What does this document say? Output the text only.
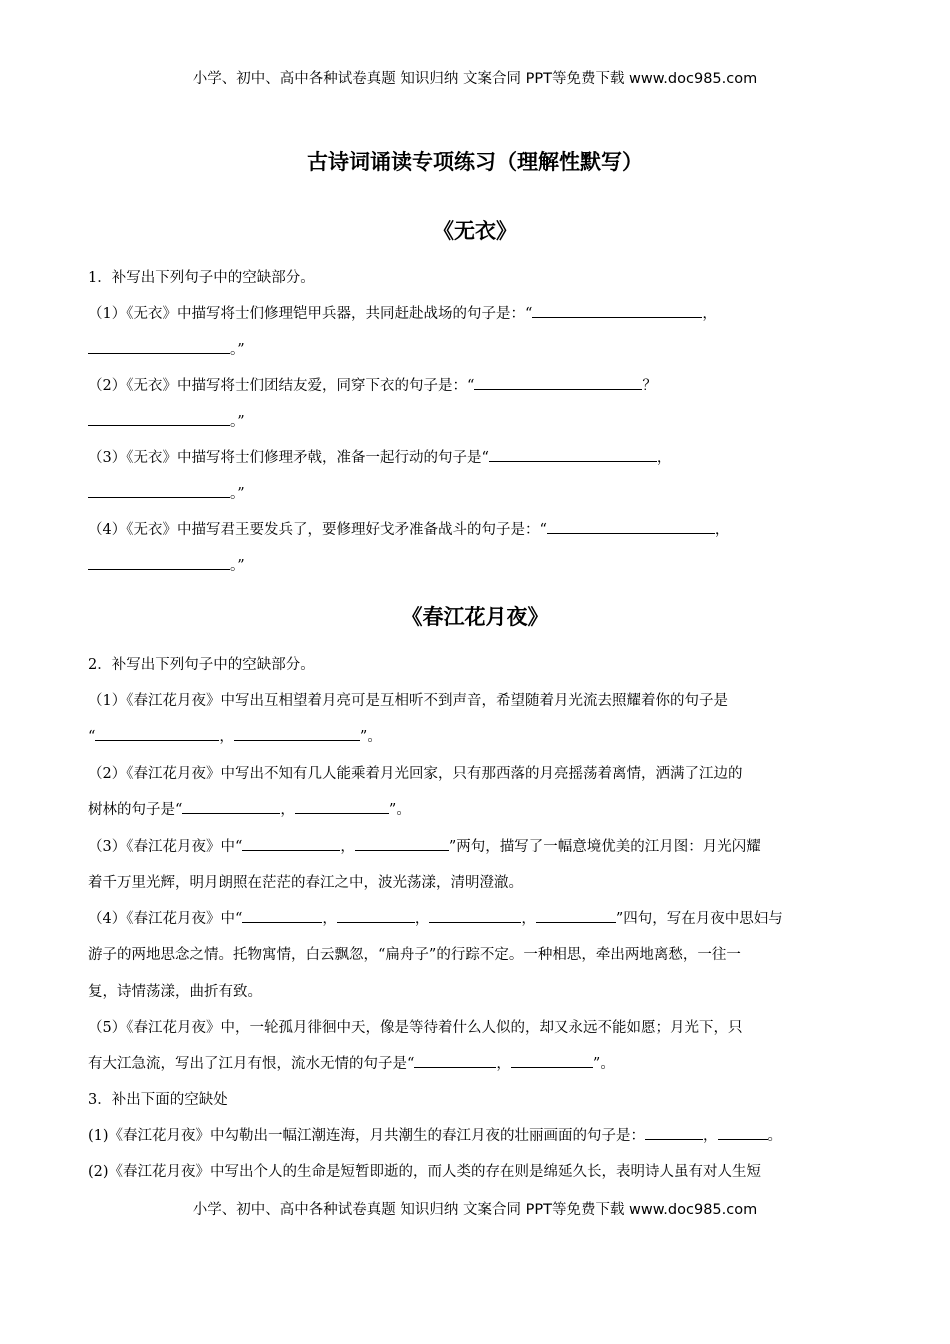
小学、初中、高中各种试卷真题 知识归纳 文案合同 PPT等免费下载 www.doc985.com
古诗词诵读专项练习（理解性默写）
《无衣》
1．补写出下列句子中的空缺部分。
（1）《无衣》中描写将士们修理铠甲兵器，共同赶赴战场的句子是：“	，
。”
（2）《无衣》中描写将士们团结友爱，同穿下衣的句子是：“	？
。”
（3）《无衣》中描写将士们修理矛戟，准备一起行动的句子是“	，
。”
（4）《无衣》中描写君王要发兵了，要修理好戈矛准备战斗的句子是：“	，
。”
《春江花月夜》
2．补写出下列句子中的空缺部分。
（1）《春江花月夜》中写出互相望着月亮可是互相听不到声音，希望随着月光流去照耀着你的句子是
“	，	”。
（2）《春江花月夜》中写出不知有几人能乘着月光回家，只有那西落的月亮摇荡着离情，洒满了江边的
树林的句子是“	，	”。
（3）《春江花月夜》中“	，	”两句，描写了一幅意境优美的江月图：月光闪耀
着千万里光辉，明月朗照在茫茫的春江之中，波光荡漾，清明澄澈。
（4）《春江花月夜》中“	，	，	，	”四句，写在月夜中思妇与
游子的两地思念之情。托物寓情，白云飘忽，“扁舟子”的行踪不定。一种相思，牵出两地离愁，一往一
复，诗情荡漾，曲折有致。
（5）《春江花月夜》中，一轮孤月徘徊中天，像是等待着什么人似的，却又永远不能如愿；月光下，只
有大江急流，写出了江月有恨，流水无情的句子是“	，	”。
3．补出下面的空缺处
(1)《春江花月夜》中勾勒出一幅江潮连海，月共潮生的春江月夜的壮丽画面的句子是：	，	。
(2)《春江花月夜》中写出个人的生命是短暂即逝的，而人类的存在则是绵延久长，表明诗人虽有对人生短
小学、初中、高中各种试卷真题 知识归纳 文案合同 PPT等免费下载 www.doc985.com
